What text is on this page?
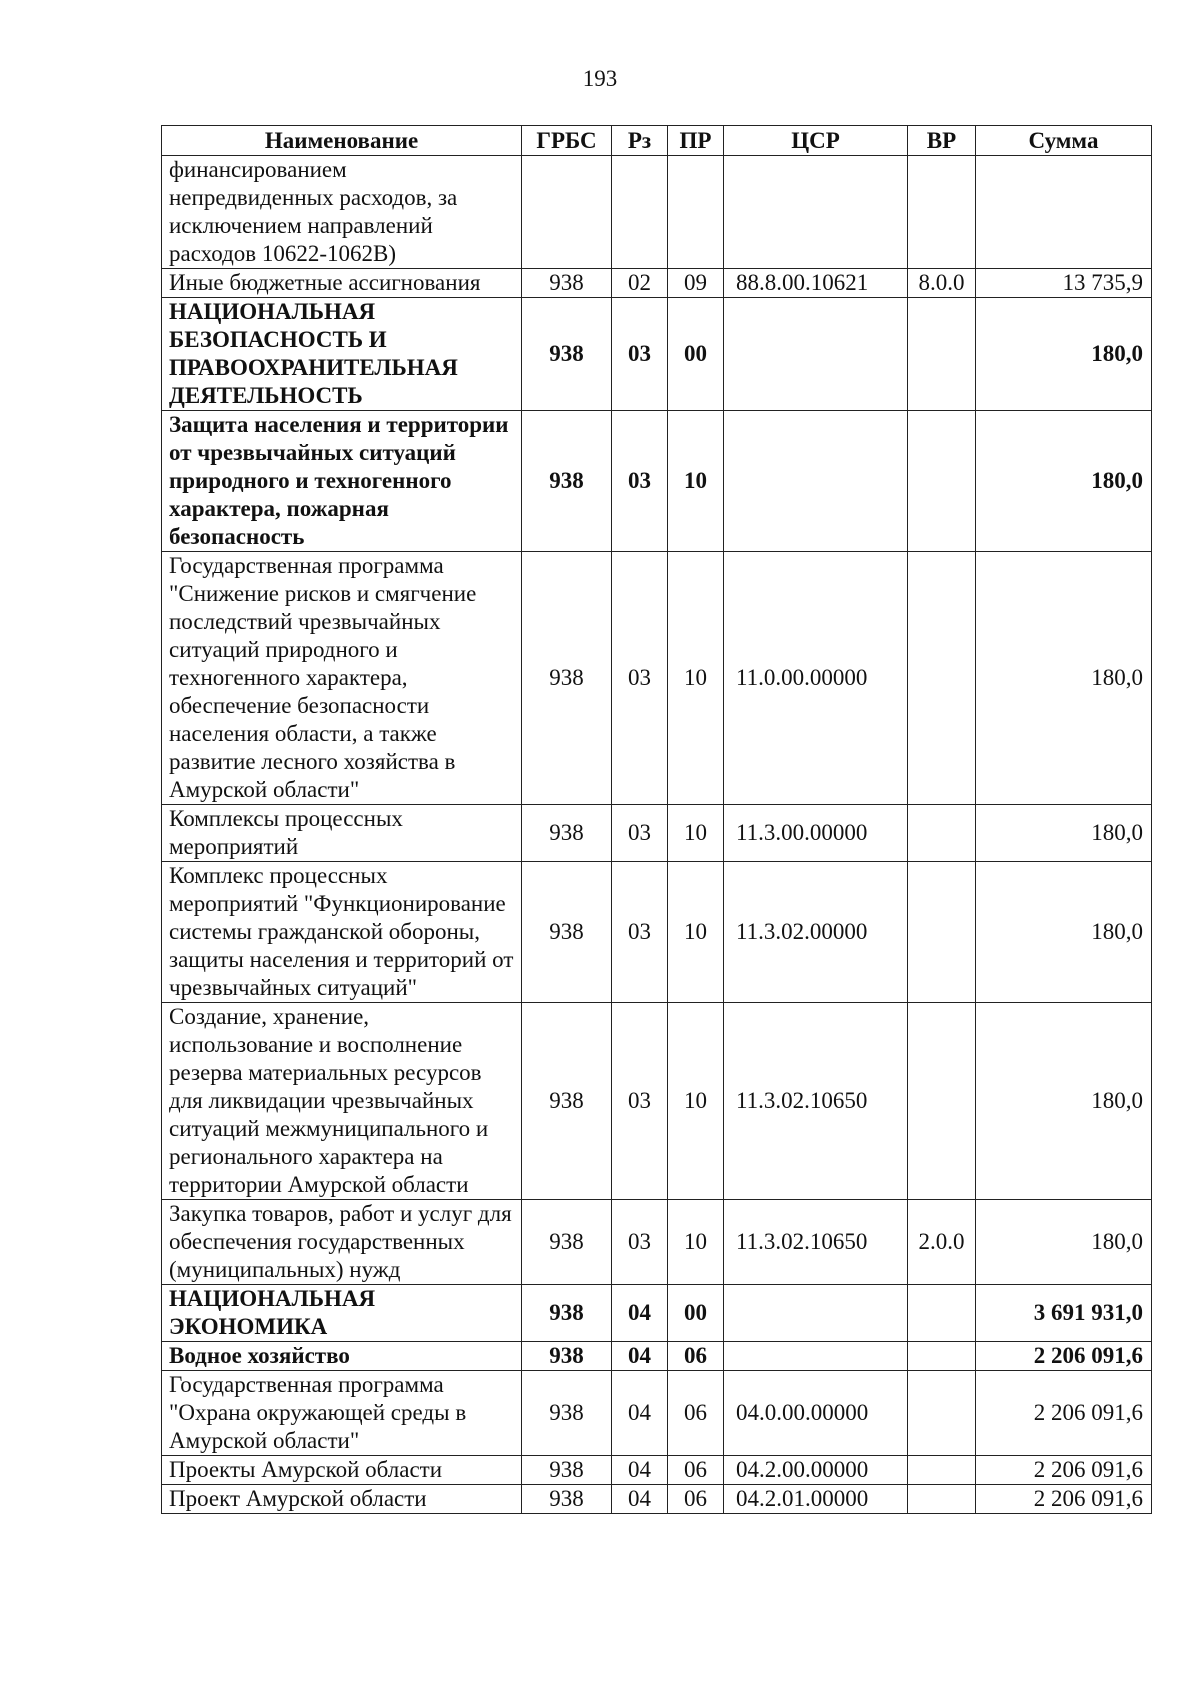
193
Наименование	ГРБС	Рз	ПР	ЦСР	ВР	Сумма
финансированием непредвиденных расходов, за исключением направлений расходов 10622-1062В)						
Иные бюджетные ассигнования	938	02	09	88.8.00.10621	8.0.0	13 735,9
НАЦИОНАЛЬНАЯ БЕЗОПАСНОСТЬ И ПРАВООХРАНИТЕЛЬНАЯ ДЕЯТЕЛЬНОСТЬ	938	03	00			180,0
Защита населения и территории от чрезвычайных ситуаций природного и техногенного характера, пожарная безопасность	938	03	10			180,0
Государственная программа "Снижение рисков и смягчение последствий чрезвычайных ситуаций природного и техногенного характера, обеспечение безопасности населения области, а также развитие лесного хозяйства в Амурской области"	938	03	10	11.0.00.00000		180,0
Комплексы процессных мероприятий	938	03	10	11.3.00.00000		180,0
Комплекс процессных мероприятий "Функционирование системы гражданской обороны, защиты населения и территорий от чрезвычайных ситуаций"	938	03	10	11.3.02.00000		180,0
Создание, хранение, использование и восполнение резерва материальных ресурсов для ликвидации чрезвычайных ситуаций межмуниципального и регионального характера на территории Амурской области	938	03	10	11.3.02.10650		180,0
Закупка товаров, работ и услуг для обеспечения государственных (муниципальных) нужд	938	03	10	11.3.02.10650	2.0.0	180,0
НАЦИОНАЛЬНАЯ ЭКОНОМИКА	938	04	00			3 691 931,0
Водное хозяйство	938	04	06			2 206 091,6
Государственная программа "Охрана окружающей среды в Амурской области"	938	04	06	04.0.00.00000		2 206 091,6
Проекты Амурской области	938	04	06	04.2.00.00000		2 206 091,6
Проект Амурской области	938	04	06	04.2.01.00000		2 206 091,6
